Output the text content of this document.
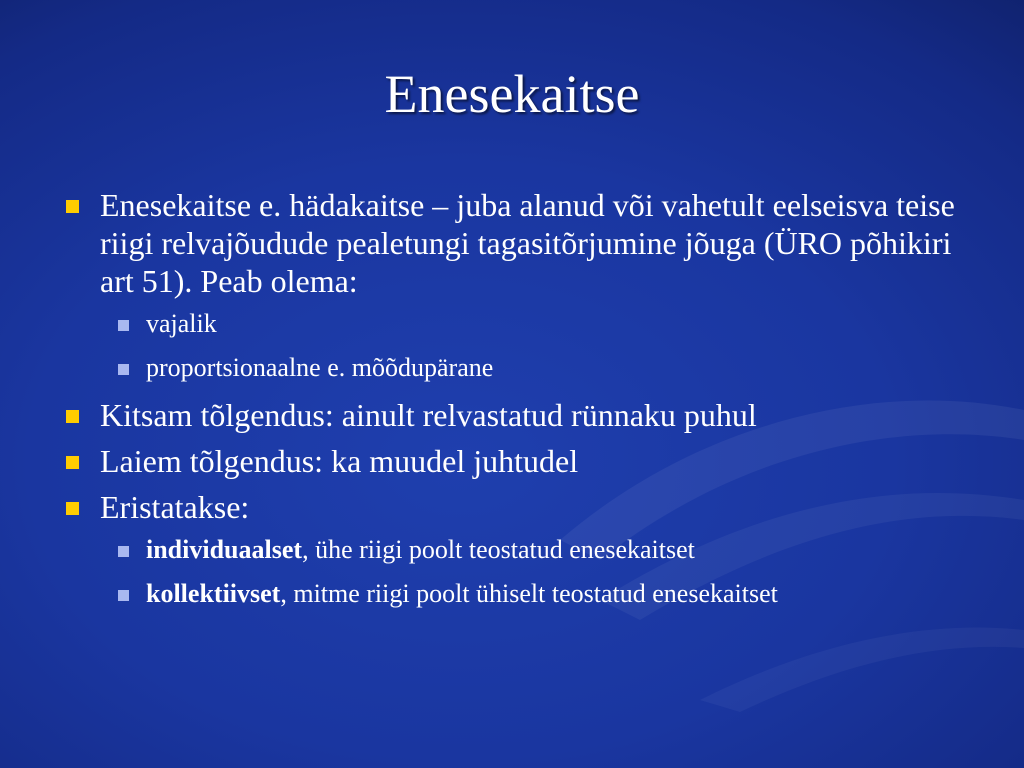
Enesekaitse
Enesekaitse e. hädakaitse – juba alanud või vahetult eelseisva teise riigi relvajõudude pealetungi tagasitõrjumine jõuga (ÜRO põhikiri art 51). Peab olema:
vajalik
proportsionaalne e. mõõdupärane
Kitsam tõlgendus: ainult relvastatud rünnaku puhul
Laiem tõlgendus: ka muudel juhtudel
Eristatakse:
individuaalset, ühe riigi poolt teostatud enesekaitset
kollektiivset, mitme riigi poolt ühiselt teostatud enesekaitset
